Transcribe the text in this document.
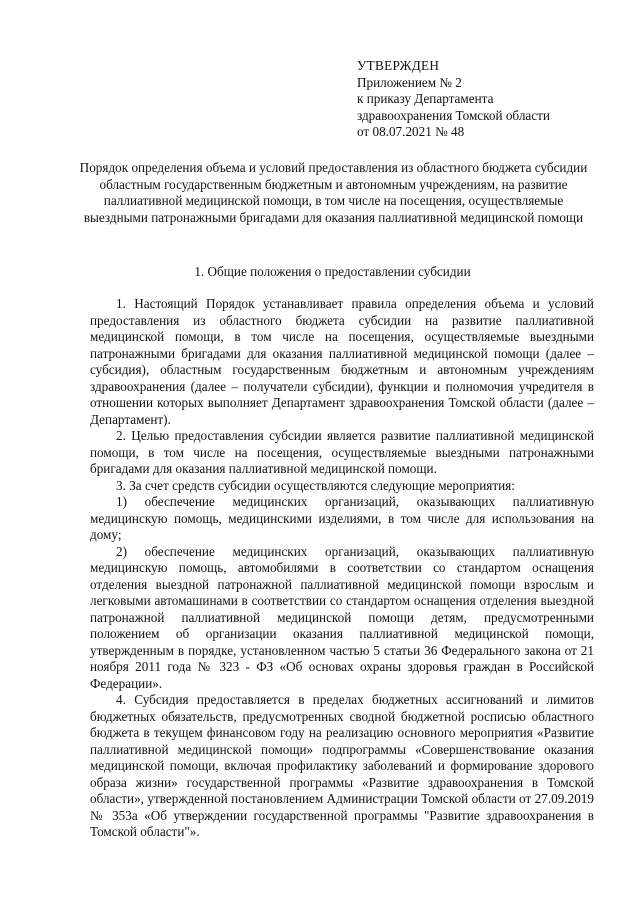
УТВЕРЖДЕН
Приложением № 2
к приказу Департамента
здравоохранения Томской области
от 08.07.2021 № 48
Порядок определения объема и условий предоставления из областного бюджета субсидии областным государственным бюджетным и автономным учреждениям, на развитие паллиативной медицинской помощи, в том числе на посещения, осуществляемые выездными патронажными бригадами для оказания паллиативной медицинской помощи
1. Общие положения о предоставлении субсидии

1. Настоящий Порядок устанавливает правила определения объема и условий предоставления из областного бюджета субсидии на развитие паллиативной медицинской помощи, в том числе на посещения, осуществляемые выездными патронажными бригадами для оказания паллиативной медицинской помощи (далее – субсидия), областным государственным бюджетным и автономным учреждениям здравоохранения (далее – получатели субсидии), функции и полномочия учредителя в отношении которых выполняет Департамент здравоохранения Томской области (далее – Департамент).

2. Целью предоставления субсидии является развитие паллиативной медицинской помощи, в том числе на посещения, осуществляемые выездными патронажными бригадами для оказания паллиативной медицинской помощи.

3. За счет средств субсидии осуществляются следующие мероприятия:

1) обеспечение медицинских организаций, оказывающих паллиативную медицинскую помощь, медицинскими изделиями, в том числе для использования на дому;

2) обеспечение медицинских организаций, оказывающих паллиативную медицинскую помощь, автомобилями в соответствии со стандартом оснащения отделения выездной патронажной паллиативной медицинской помощи взрослым и легковыми автомашинами в соответствии со стандартом оснащения отделения выездной патронажной паллиативной медицинской помощи детям, предусмотренными положением об организации оказания паллиативной медицинской помощи, утвержденным в порядке, установленном частью 5 статьи 36 Федерального закона от 21 ноября 2011 года № 323 - ФЗ «Об основах охраны здоровья граждан в Российской Федерации».

4. Субсидия предоставляется в пределах бюджетных ассигнований и лимитов бюджетных обязательств, предусмотренных сводной бюджетной росписью областного бюджета в текущем финансовом году на реализацию основного мероприятия «Развитие паллиативной медицинской помощи» подпрограммы «Совершенствование оказания медицинской помощи, включая профилактику заболеваний и формирование здорового образа жизни» государственной программы «Развитие здравоохранения в Томской области», утвержденной постановлением Администрации Томской области от 27.09.2019 № 353а «Об утверждении государственной программы "Развитие здравоохранения в Томской области"».
